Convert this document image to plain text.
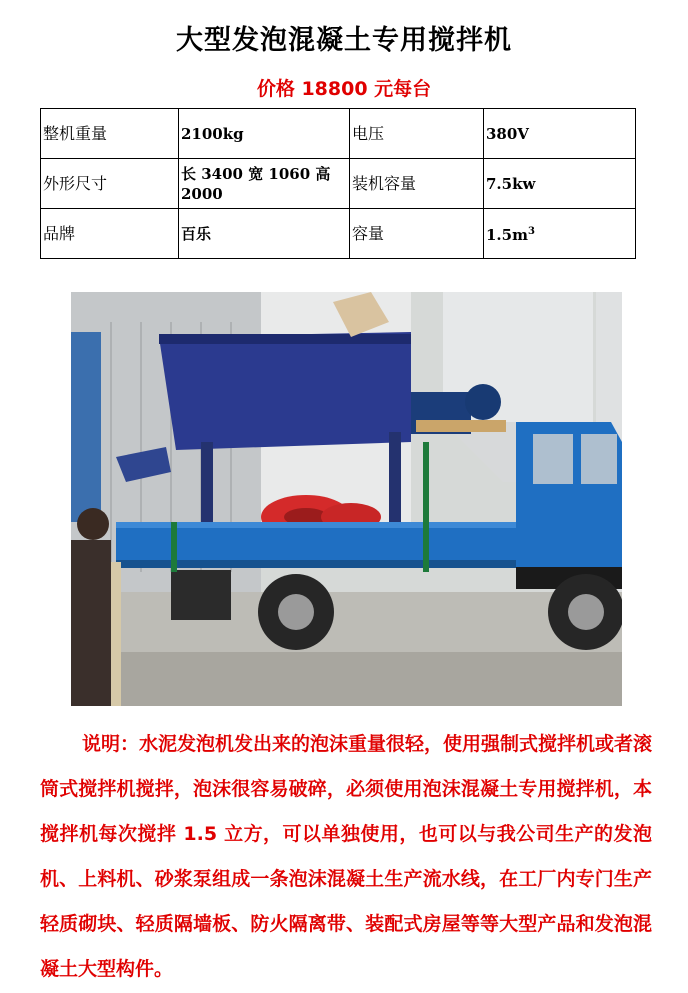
大型发泡混凝土专用搅拌机
价格 18800 元每台
整机重量	2100kg	电压	380V
外形尺寸	长 3400 宽 1060 高 2000	装机容量	7.5kw
品牌	百乐	容量	$1.5m^3$
说明：水泥发泡机发出来的泡沫重量很轻，使用强制式搅拌机或者滚筒式搅拌机搅拌，泡沫很容易破碎，必须使用泡沫混凝土专用搅拌机，本搅拌机每次搅拌 1.5 立方，可以单独使用，也可以与我公司生产的发泡机、上料机、砂浆泵组成一条泡沫混凝土生产流水线，在工厂内专门生产轻质砌块、轻质隔墙板、防火隔离带、装配式房屋等等大型产品和发泡混凝土大型构件。
